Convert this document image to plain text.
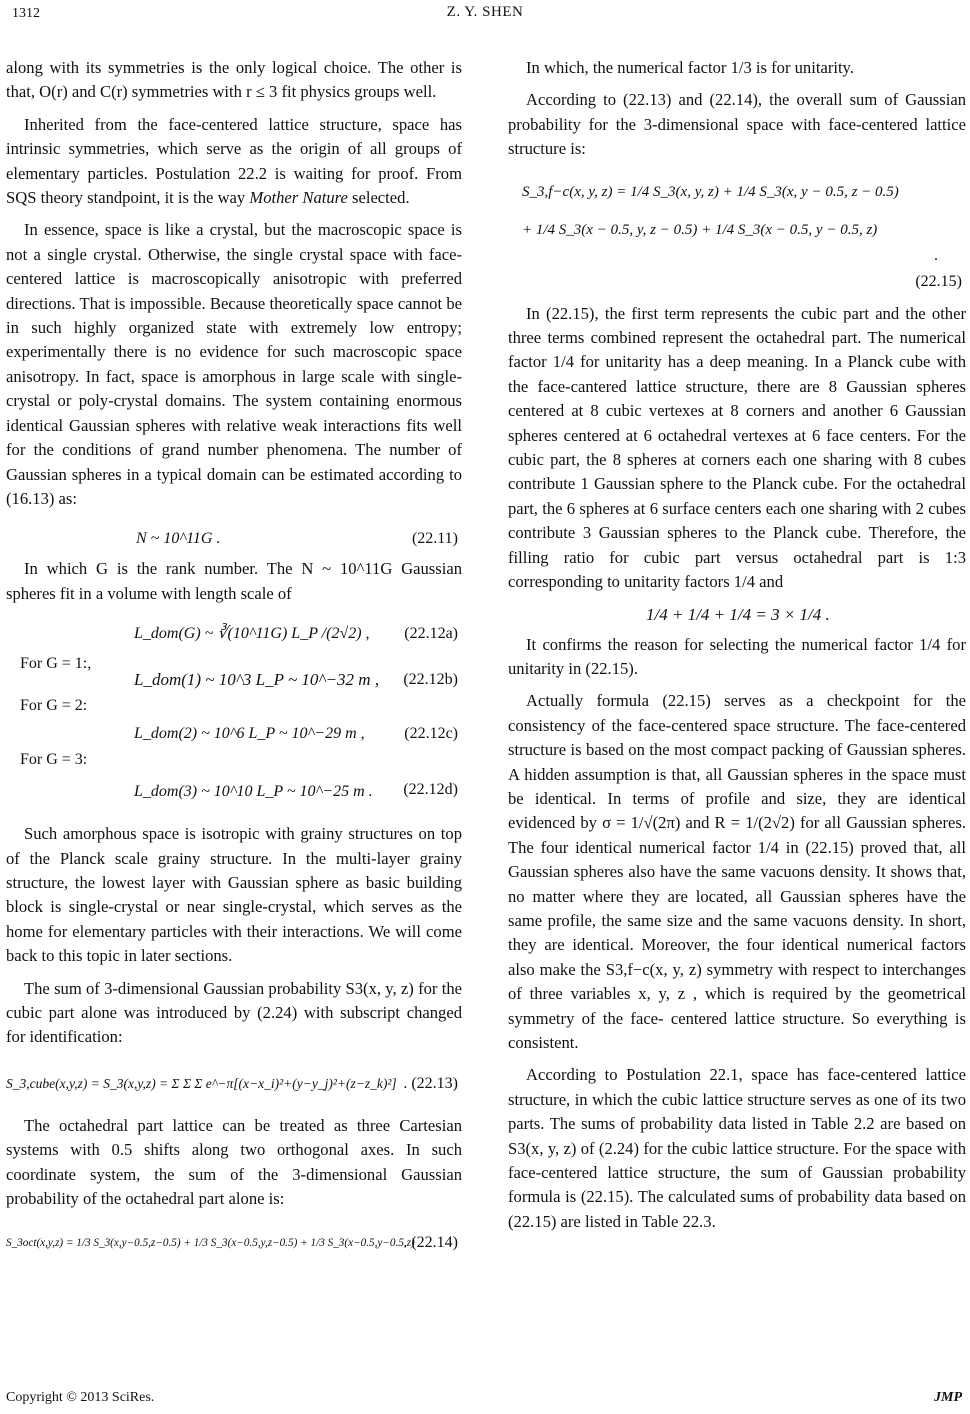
1312	Z. Y. SHEN

along with its symmetries is the only logical choice. The other is that, O(r) and C(r) symmetries with r ≤ 3 fit physics groups well.

Inherited from the face-centered lattice structure, space has intrinsic symmetries, which serve as the origin of all groups of elementary particles. Postulation 22.2 is waiting for proof. From SQS theory standpoint, it is the way Mother Nature selected.

In essence, space is like a crystal, but the macroscopic space is not a single crystal. Otherwise, the single crystal space with face-centered lattice is macroscopically anisotropic with preferred directions. That is impossible. Because theoretically space cannot be in such highly organized state with extremely low entropy; experimentally there is no evidence for such macroscopic space anisotropy. In fact, space is amorphous in large scale with single-crystal or poly-crystal domains. The system containing enormous identical Gaussian spheres with relative weak interactions fits well for the conditions of grand number phenomena. The number of Gaussian spheres in a typical domain can be estimated according to (16.13) as:

N ~ 10^11G .	(22.11)

In which G is the rank number. The N ~ 10^11G Gaussian spheres fit in a volume with length scale of

L_dom(G) ~ ∛(10^11G) L_P /(2√2) , (22.12a)
For G = 1:,
L_dom(1) ~ 10^3 L_P ~ 10^−32 m , (22.12b)
For G = 2:
L_dom(2) ~ 10^6 L_P ~ 10^−29 m , (22.12c)
For G = 3:
L_dom(3) ~ 10^10 L_P ~ 10^−25 m . (22.12d)

Such amorphous space is isotropic with grainy structures on top of the Planck scale grainy structure. In the multi-layer grainy structure, the lowest layer with Gaussian sphere as basic building block is single-crystal or near single-crystal, which serves as the home for elementary particles with their interactions. We will come back to this topic in later sections.

The sum of 3-dimensional Gaussian probability S3(x, y, z) for the cubic part alone was introduced by (2.24) with subscript changed for identification:

S_3,cube(x,y,z) = S_3(x,y,z) = Σ Σ Σ e^−π[(x−x_i)²+(y−y_j)²+(z−z_k)²] . (22.13)

The octahedral part lattice can be treated as three Cartesian systems with 0.5 shifts along two orthogonal axes. In such coordinate system, the sum of the 3-dimensional Gaussian probability of the octahedral part alone is:

S_3oct(x,y,z) = 1/3 S_3(x,y−0.5,z−0.5) + 1/3 S_3(x−0.5,y,z−0.5) + 1/3 S_3(x−0.5,y−0.5,z)
. (22.14)

In which, the numerical factor 1/3 is for unitarity.

According to (22.13) and (22.14), the overall sum of Gaussian probability for the 3-dimensional space with face-centered lattice structure is:

S_3,f−c(x, y, z) = 1/4 S_3(x, y, z) + 1/4 S_3(x, y − 0.5, z − 0.5)
+ 1/4 S_3(x − 0.5, y, z − 0.5) + 1/4 S_3(x − 0.5, y − 0.5, z)
.
(22.15)

In (22.15), the first term represents the cubic part and the other three terms combined represent the octahedral part. The numerical factor 1/4 for unitarity has a deep meaning. In a Planck cube with the face-cantered lattice structure, there are 8 Gaussian spheres centered at 8 cubic vertexes at 8 corners and another 6 Gaussian spheres centered at 6 octahedral vertexes at 6 face centers. For the cubic part, the 8 spheres at corners each one sharing with 8 cubes contribute 1 Gaussian sphere to the Planck cube. For the octahedral part, the 6 spheres at 6 surface centers each one sharing with 2 cubes contribute 3 Gaussian spheres to the Planck cube. Therefore, the filling ratio for cubic part versus octahedral part is 1:3 corresponding to unitarity factors 1/4 and

1/4 + 1/4 + 1/4 = 3 × 1/4 .

It confirms the reason for selecting the numerical factor 1/4 for unitarity in (22.15).

Actually formula (22.15) serves as a checkpoint for the consistency of the face-centered space structure. The face-centered structure is based on the most compact packing of Gaussian spheres. A hidden assumption is that, all Gaussian spheres in the space must be identical. In terms of profile and size, they are identical evidenced by σ = 1/√(2π) and R = 1/(2√2) for all Gaussian spheres. The four identical numerical factor 1/4 in (22.15) proved that, all Gaussian spheres also have the same vacuons density. It shows that, no matter where they are located, all Gaussian spheres have the same profile, the same size and the same vacuons density. In short, they are identical. Moreover, the four identical numerical factors also make the S3,f−c(x, y, z) symmetry with respect to interchanges of three variables x, y, z , which is required by the geometrical symmetry of the face- centered lattice structure. So everything is consistent.

According to Postulation 22.1, space has face-centered lattice structure, in which the cubic lattice structure serves as one of its two parts. The sums of probability data listed in Table 2.2 are based on S3(x, y, z) of (2.24) for the cubic lattice structure. For the space with face-centered lattice structure, the sum of Gaussian probability formula is (22.15). The calculated sums of probability data based on (22.15) are listed in Table 22.3.

Copyright © 2013 SciRes.	JMP
